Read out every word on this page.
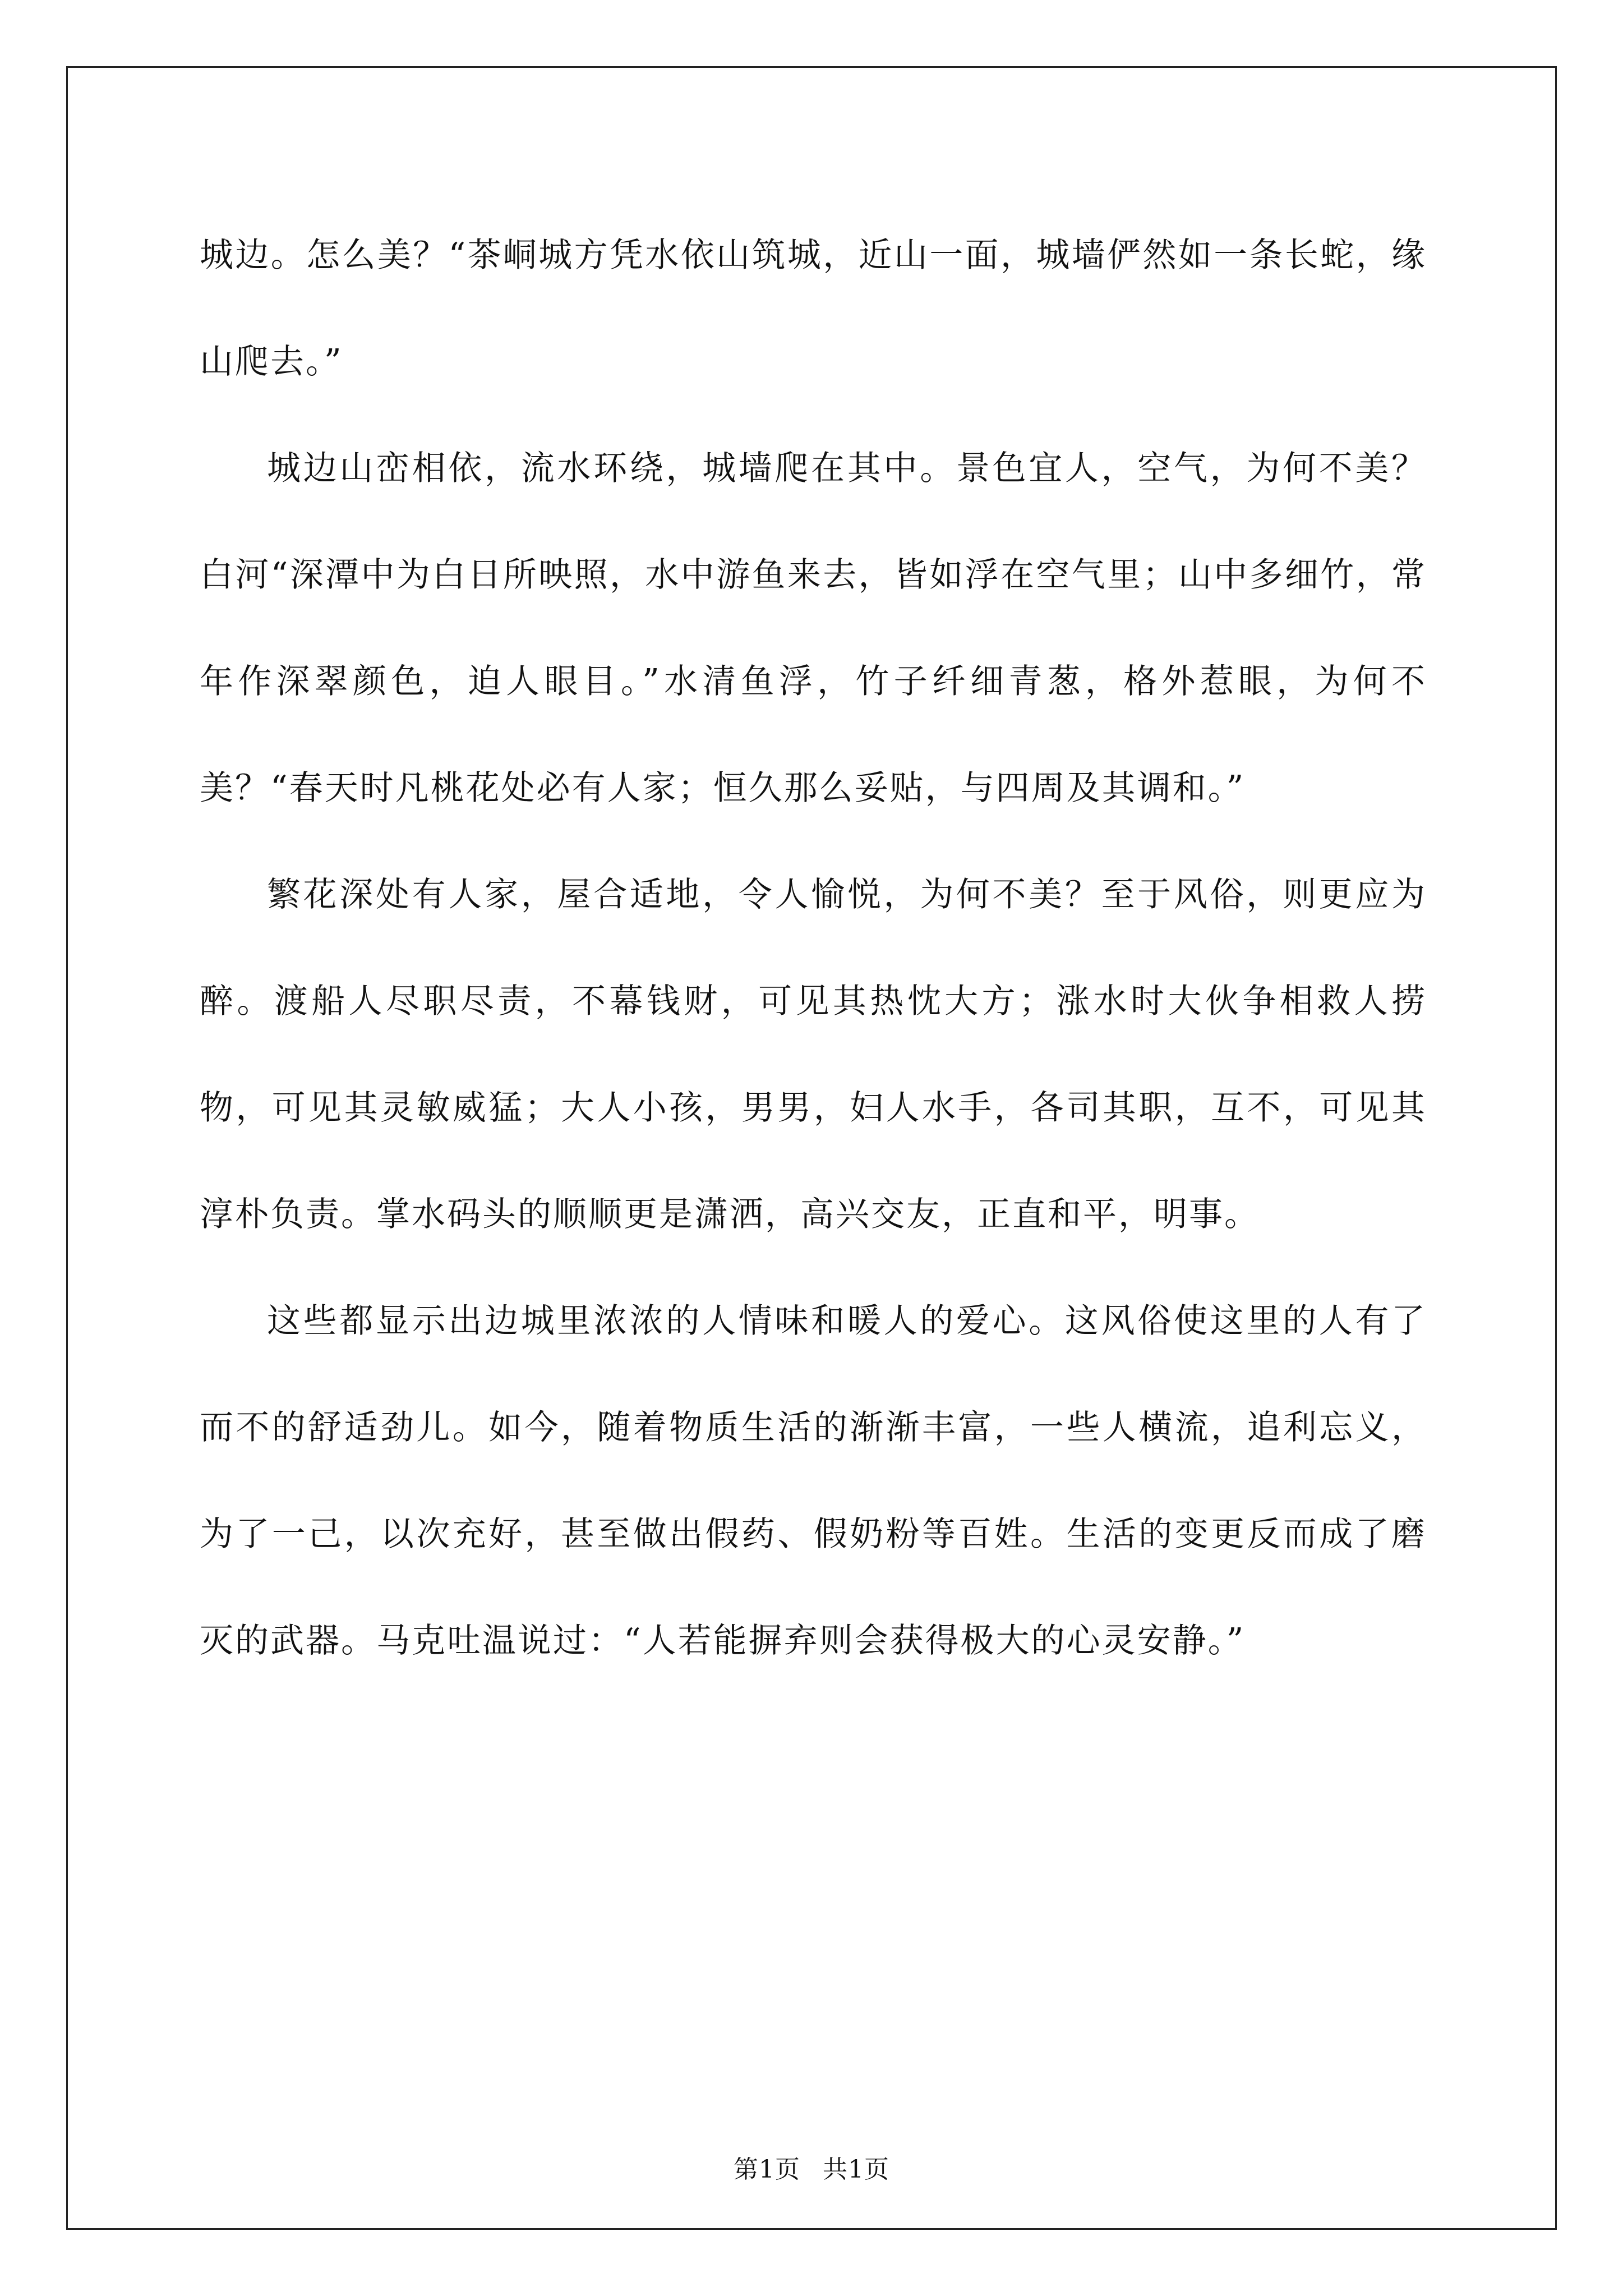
城边。怎么美？“茶峒城方凭水依山筑城，近山一面，城墙俨然如一条长蛇，缘山爬去。”

城边山峦相依，流水环绕，城墙爬在其中。景色宜人，空气，为何不美？白河“深潭中为白日所映照，水中游鱼来去，皆如浮在空气里；山中多细竹，常年作深翠颜色，迫人眼目。”水清鱼浮，竹子纤细青葱，格外惹眼，为何不美？“春天时凡桃花处必有人家；恒久那么妥贴，与四周及其调和。”

繁花深处有人家，屋合适地，令人愉悦，为何不美？至于风俗，则更应为醉。渡船人尽职尽责，不幕钱财，可见其热忱大方；涨水时大伙争相救人捞物，可见其灵敏威猛；大人小孩，男男，妇人水手，各司其职，互不，可见其淳朴负责。掌水码头的顺顺更是潇洒，高兴交友，正直和平，明事。

这些都显示出边城里浓浓的人情味和暖人的爱心。这风俗使这里的人有了而不的舒适劲儿。如今，随着物质生活的渐渐丰富，一些人横流，追利忘义，为了一己，以次充好，甚至做出假药、假奶粉等百姓。生活的变更反而成了磨灭的武器。马克吐温说过：“人若能摒弃则会获得极大的心灵安静。”

第1页 共1页
